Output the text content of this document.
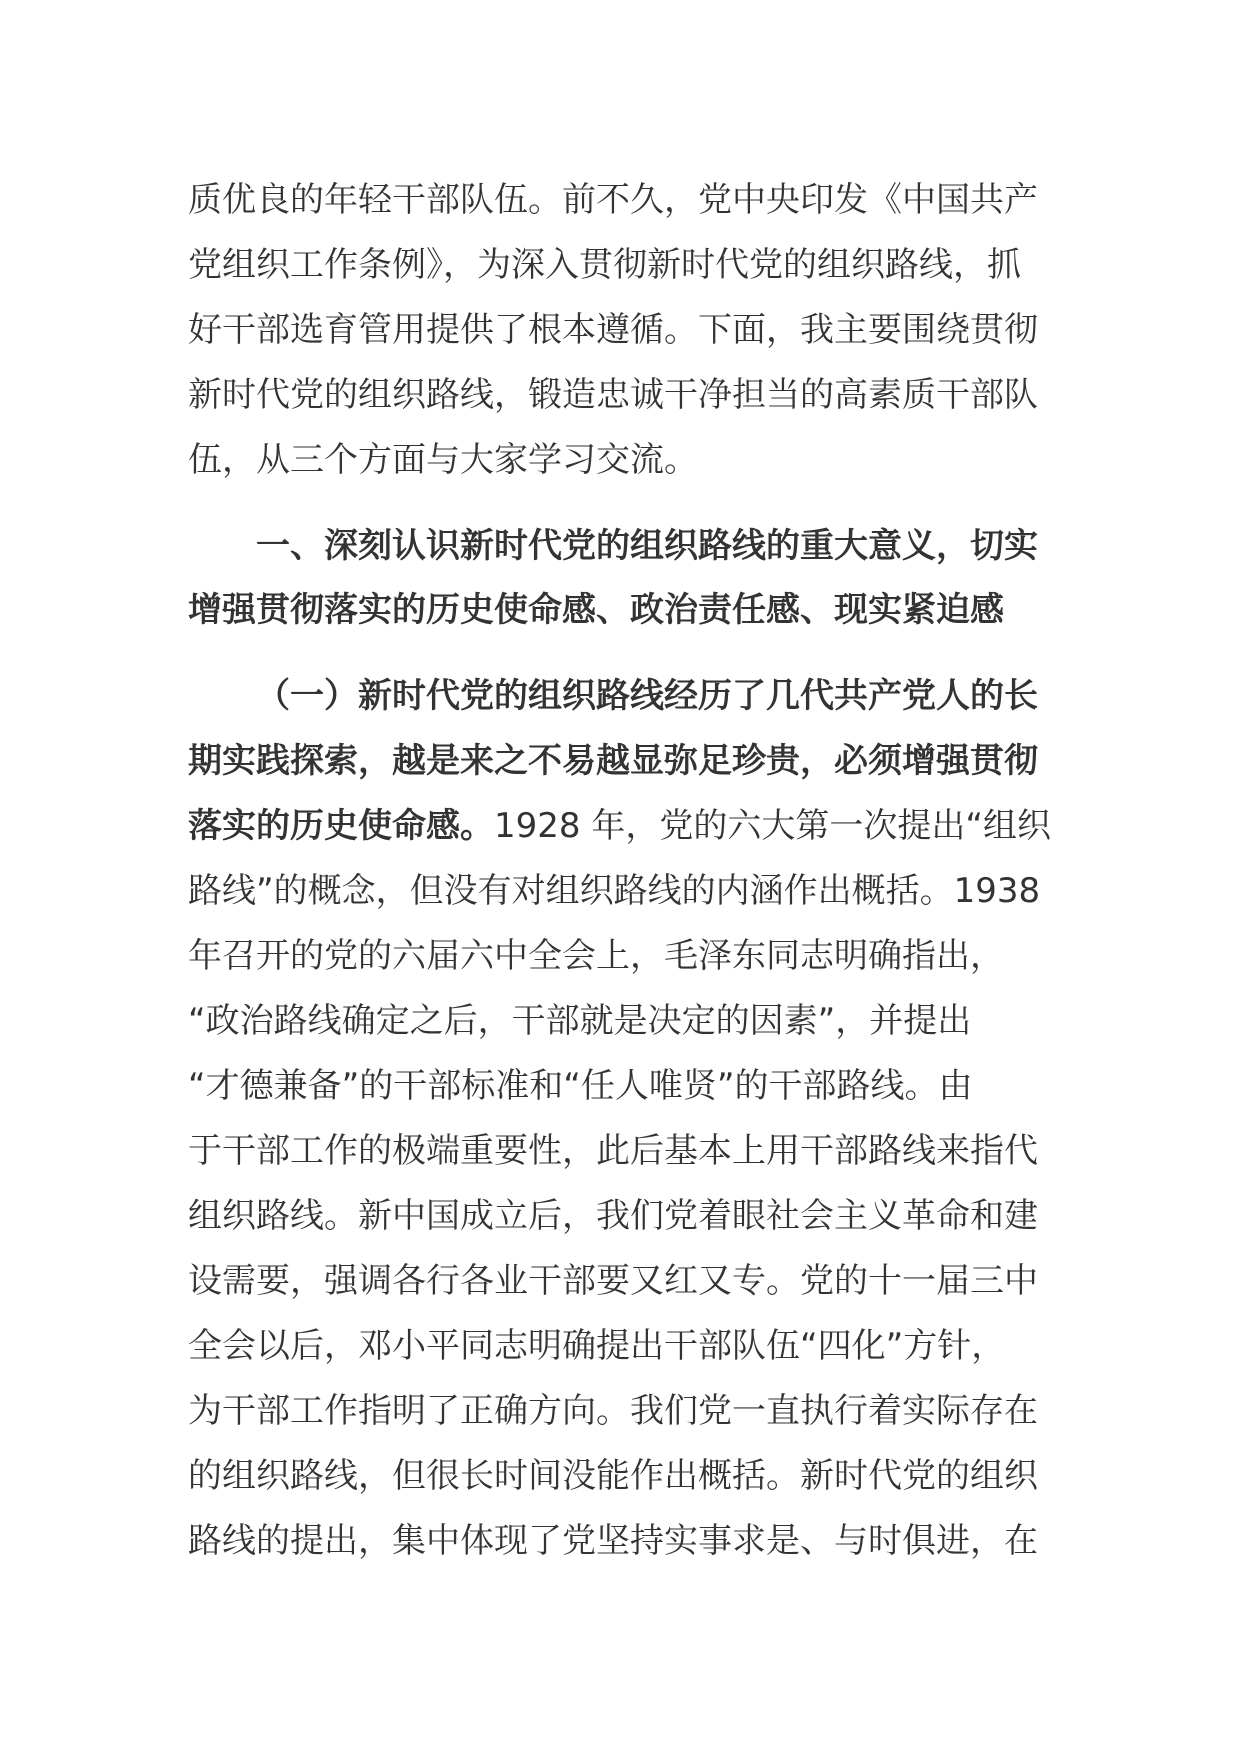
质优良的年轻干部队伍。前不久，党中央印发《中国共产
党组织工作条例》，为深入贯彻新时代党的组织路线，抓
好干部选育管用提供了根本遵循。下面，我主要围绕贯彻
新时代党的组织路线，锻造忠诚干净担当的高素质干部队
伍，从三个方面与大家学习交流。
一、深刻认识新时代党的组织路线的重大意义，切实
增强贯彻落实的历史使命感、政治责任感、现实紧迫感
（一）新时代党的组织路线经历了几代共产党人的长
期实践探索，越是来之不易越显弥足珍贵，必须增强贯彻
落实的历史使命感。1928 年，党的六大第一次提出“组织
路线”的概念，但没有对组织路线的内涵作出概括。1938
年召开的党的六届六中全会上，毛泽东同志明确指出，
“政治路线确定之后，干部就是决定的因素”，并提出
“才德兼备”的干部标准和“任人唯贤”的干部路线。由
于干部工作的极端重要性，此后基本上用干部路线来指代
组织路线。新中国成立后，我们党着眼社会主义革命和建
设需要，强调各行各业干部要又红又专。党的十一届三中
全会以后，邓小平同志明确提出干部队伍“四化”方针，
为干部工作指明了正确方向。我们党一直执行着实际存在
的组织路线，但很长时间没能作出概括。新时代党的组织
路线的提出，集中体现了党坚持实事求是、与时俱进，在
